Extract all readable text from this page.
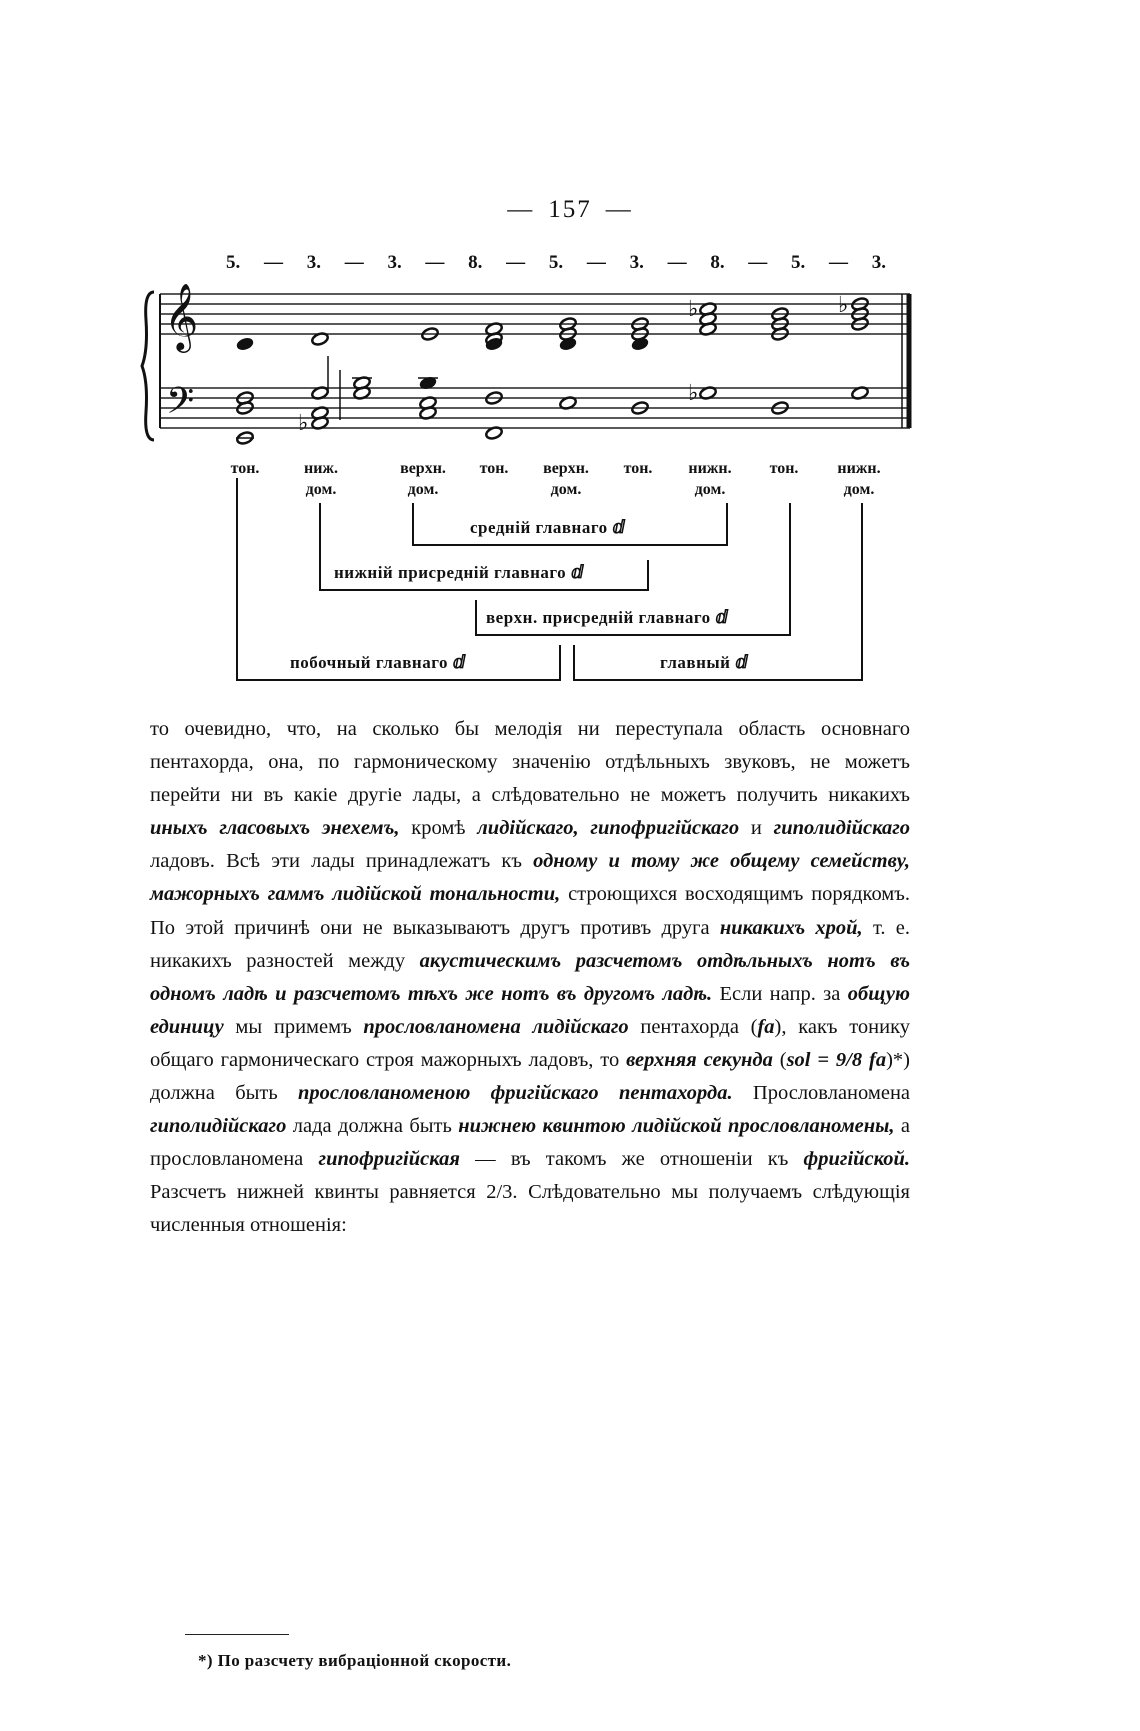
— 157 —
5. — 3. — 3. — 8. — 5. — 3. — 8. — 5. — 3.
𝄞
𝄢
♭	♭
♭
♭
тон.	ниж.
дом.
верхн.
дом.
тон.	верхн.
дом.
тон.	нижн.
дом.
тон.	нижн.
дом.
средній главнаго ⅆ
нижній присредній главнаго ⅆ
верхн. присредній главнаго ⅆ
побочный главнаго ⅆ	главный ⅆ

то очевидно, что, на сколько бы мелодія ни переступала область основнаго пентахорда, она, по гармоническому значенію отдѣльныхъ звуковъ, не можетъ перейти ни въ какіе другіе лады, а слѣдовательно не можетъ получить никакихъ иныхъ гласовыхъ энехемъ, кромѣ лидійскаго, гипофригійскаго и гиполидійскаго ладовъ. Всѣ эти лады принадлежатъ къ одному и тому же общему семейству, мажорныхъ гаммъ лидійской тональности, строющихся восходящимъ порядкомъ. По этой причинѣ они не выказываютъ другъ противъ друга никакихъ хрой, т. е. никакихъ разностей между акустическимъ разсчетомъ отдѣльныхъ нотъ въ одномъ ладѣ и разсчетомъ тѣхъ же нотъ въ другомъ ладѣ. Если напр. за общую единицу мы примемъ прословланомена лидійскаго пентахорда (fa), какъ тонику общаго гармоническаго строя мажорныхъ ладовъ, то верхняя секунда (sol = 9/8 fa)*) должна быть прословланоменою фригійскаго пентахорда. Прословланомена гиполидійскаго лада должна быть нижнею квинтою лидійской прословланомены, а прословланомена гипофригійская — въ такомъ же отношеніи къ фригійской. Разсчетъ нижней квинты равняется 2/3. Слѣдовательно мы получаемъ слѣдующія численныя отношенія:

*) По разсчету вибраціонной скорости.
